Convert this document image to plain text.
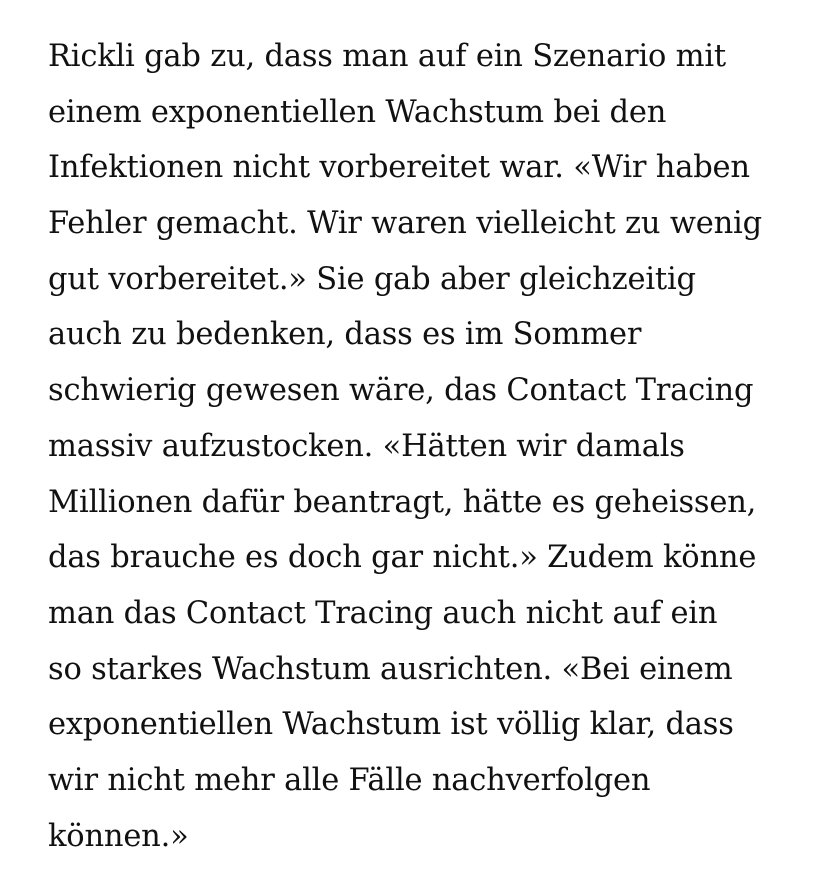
Rickli gab zu, dass man auf ein Szenario mit
einem exponentiellen Wachstum bei den
Infektionen nicht vorbereitet war. «Wir haben
Fehler gemacht. Wir waren vielleicht zu wenig
gut vorbereitet.» Sie gab aber gleichzeitig
auch zu bedenken, dass es im Sommer
schwierig gewesen wäre, das Contact Tracing
massiv aufzustocken. «Hätten wir damals
Millionen dafür beantragt, hätte es geheissen,
das brauche es doch gar nicht.» Zudem könne
man das Contact Tracing auch nicht auf ein
so starkes Wachstum ausrichten. «Bei einem
exponentiellen Wachstum ist völlig klar, dass
wir nicht mehr alle Fälle nachverfolgen
können.»
